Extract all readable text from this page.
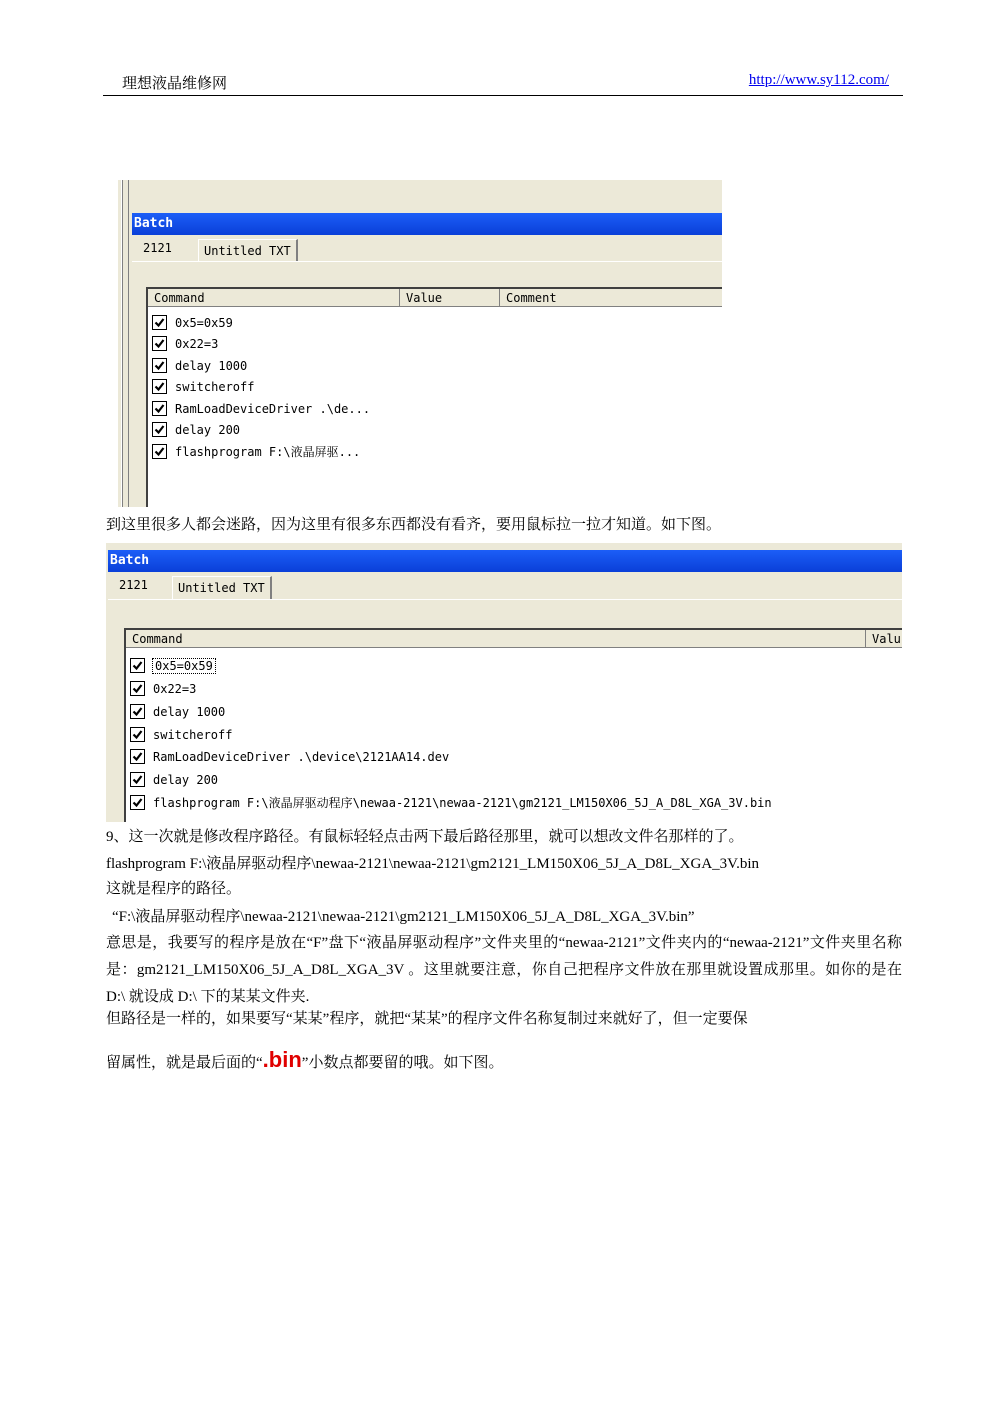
理想液晶维修网	http://www.sy112.com/
Batch
2121	Untitled TXT
Command	Value	Comment
0x5=0x59
0x22=3
delay 1000
switcheroff
RamLoadDeviceDriver .\de...
delay 200
flashprogram F:\液晶屏驱...
到这里很多人都会迷路，因为这里有很多东西都没有看齐，要用鼠标拉一拉才知道。如下图。
Batch
2121	Untitled TXT
Command	Valu
0x5=0x59
0x22=3
delay 1000
switcheroff
RamLoadDeviceDriver .\device\2121AA14.dev
delay 200
flashprogram F:\液晶屏驱动程序\newaa-2121\newaa-2121\gm2121_LM150X06_5J_A_D8L_XGA_3V.bin
9、这一次就是修改程序路径。有鼠标轻轻点击两下最后路径那里，就可以想改文件名那样的了。
flashprogram F:\液晶屏驱动程序\newaa-2121\newaa-2121\gm2121_LM150X06_5J_A_D8L_XGA_3V.bin
这就是程序的路径。
“F:\液晶屏驱动程序\newaa-2121\newaa-2121\gm2121_LM150X06_5J_A_D8L_XGA_3V.bin”
意思是，我要写的程序是放在“F”盘下“液晶屏驱动程序”文件夹里的“newaa-2121”文件夹内的“newaa-2121”文件夹里名称是：gm2121_LM150X06_5J_A_D8L_XGA_3V 。这里就要注意，你自己把程序文件放在那里就设置成那里。如你的是在 D:\ 就设成 D:\ 下的某某文件夹.
但路径是一样的，如果要写“某某”程序，就把“某某”的程序文件名称复制过来就好了，但一定要保
留属性，就是最后面的“.bin”小数点都要留的哦。如下图。
